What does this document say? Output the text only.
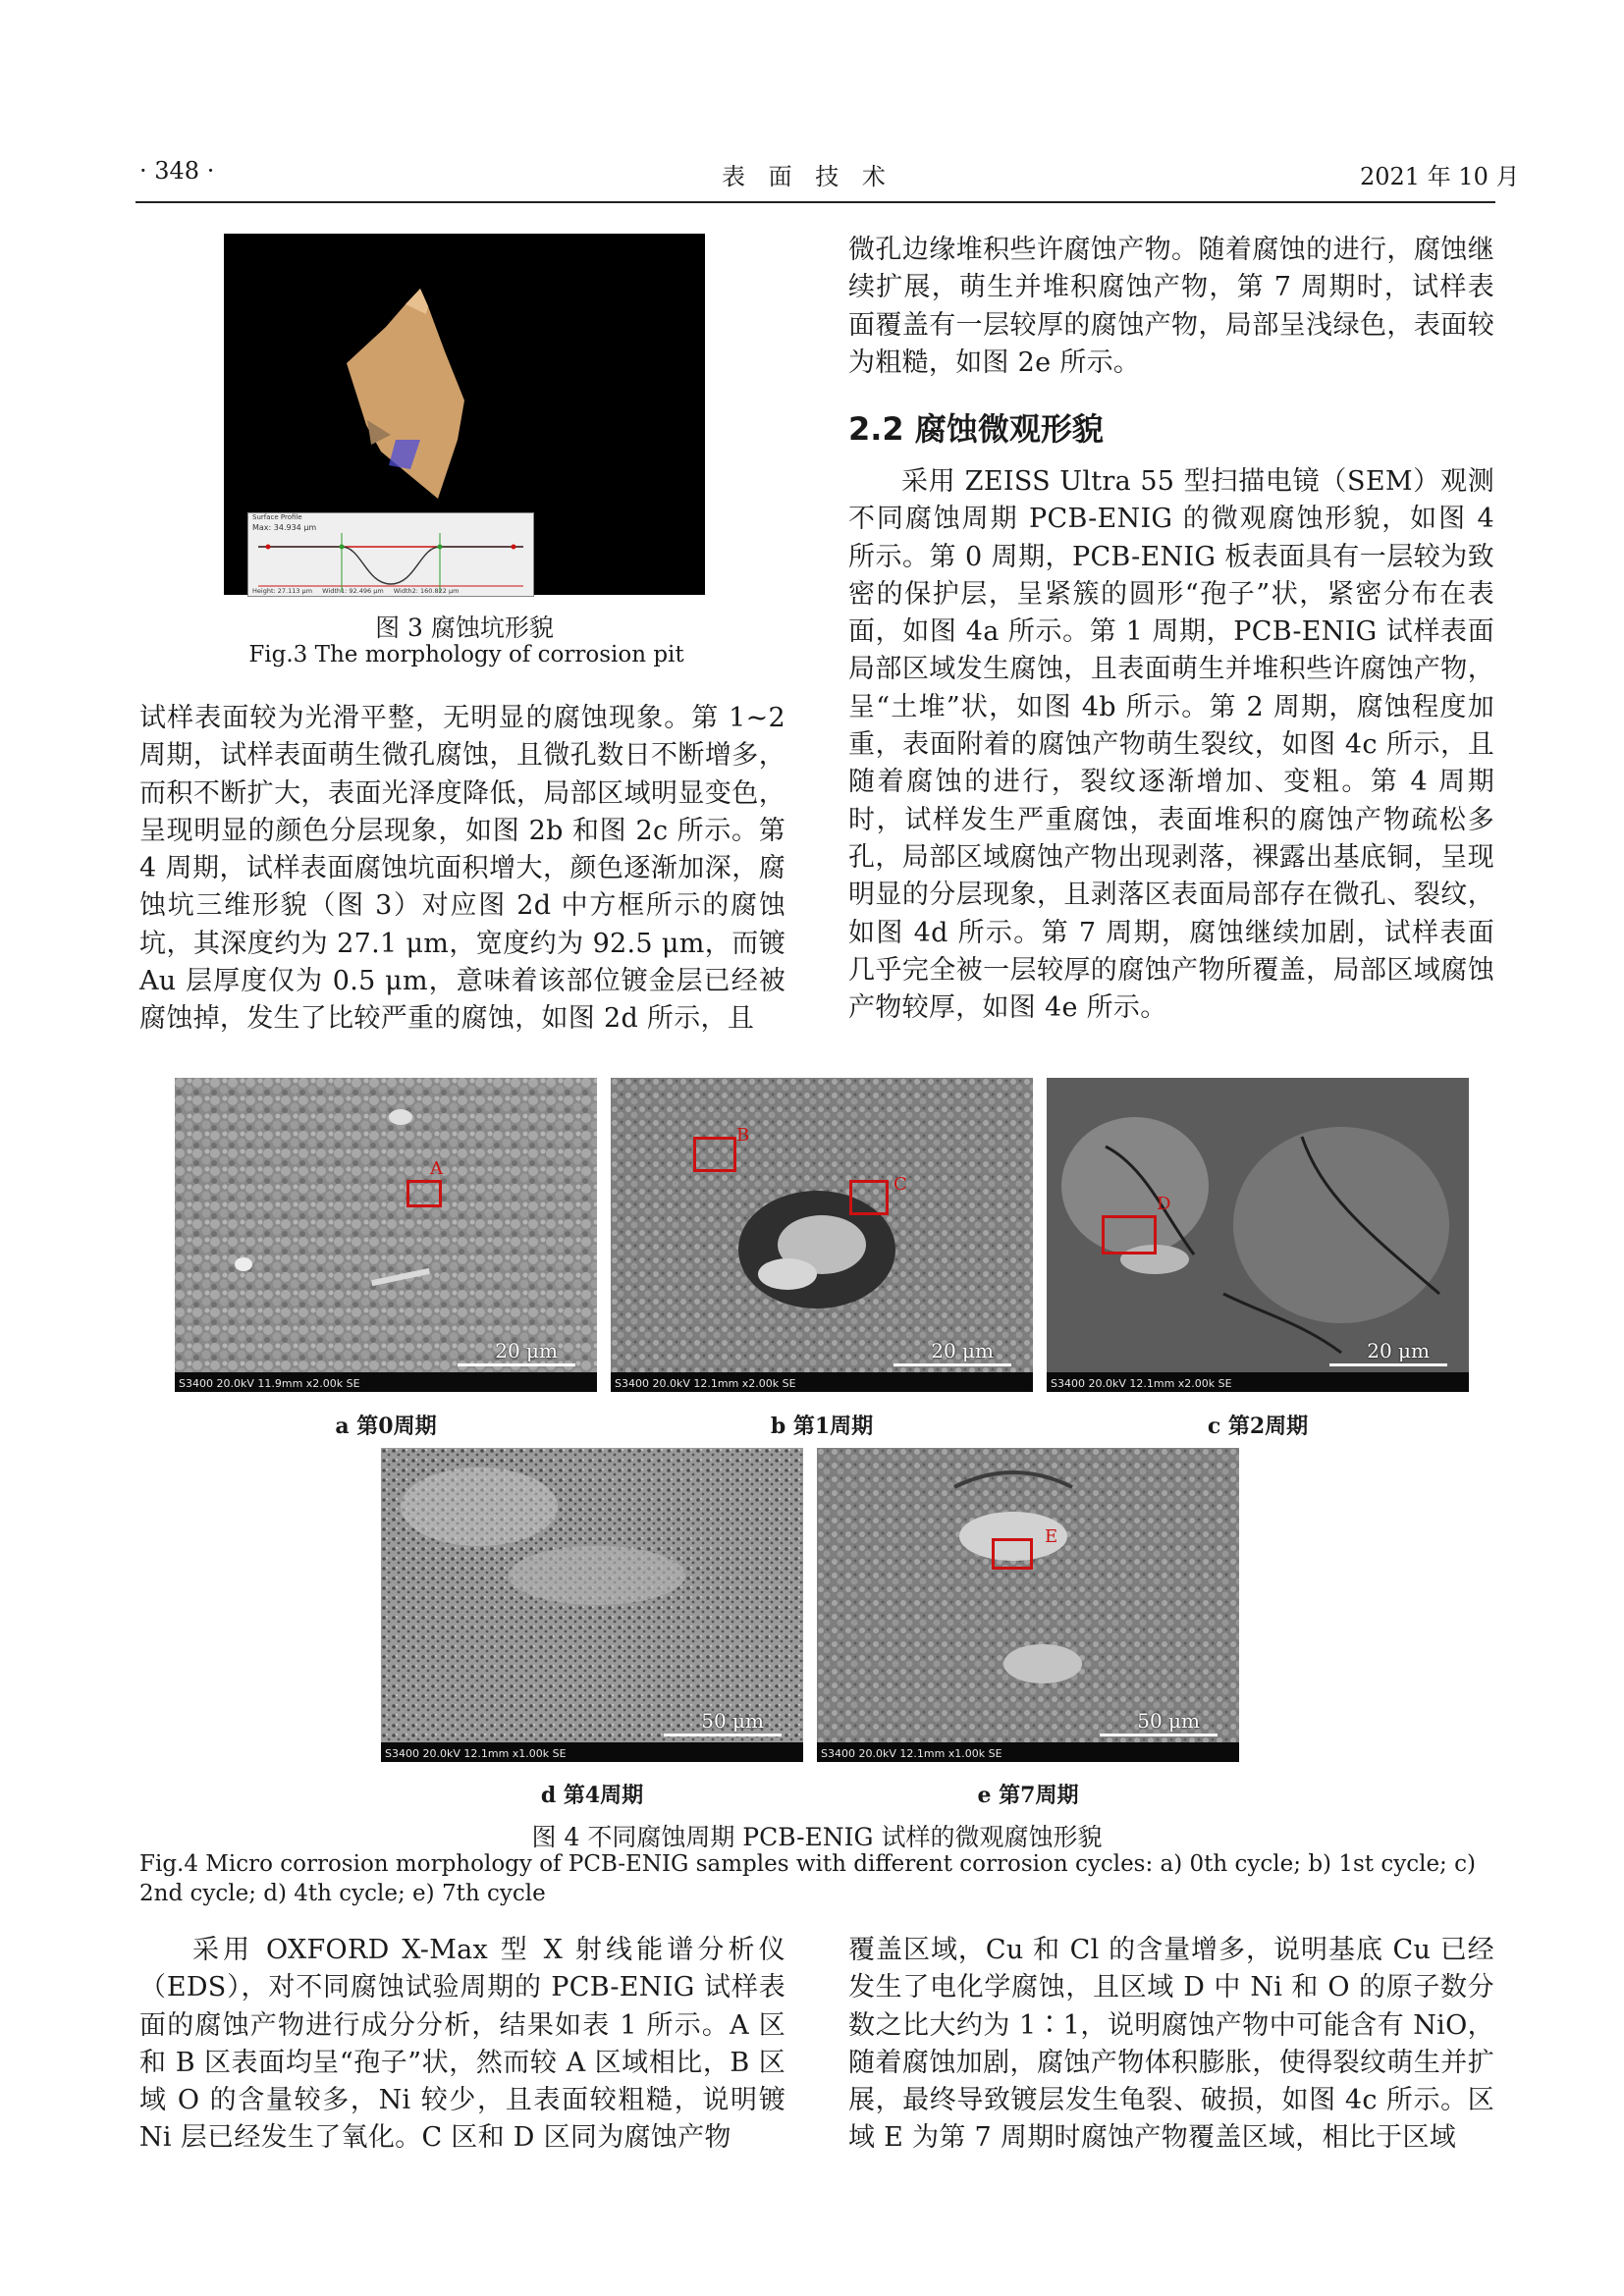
· 348 ·	表 面 技 术	2021 年 10 月
Surface Profile
Max: 34.934 μm
Height: 27.113 μm Width1: 92.496 μm Width2: 160.822 μm
图 3 腐蚀坑形貌
Fig.3 The morphology of corrosion pit

试样表面较为光滑平整，无明显的腐蚀现象。第 1~2 周期，试样表面萌生微孔腐蚀，且微孔数日不断增多，而积不断扩大，表面光泽度降低，局部区域明显变色，呈现明显的颜色分层现象，如图 2b 和图 2c 所示。第 4 周期，试样表面腐蚀坑面积增大，颜色逐渐加深，腐蚀坑三维形貌（图 3）对应图 2d 中方框所示的腐蚀坑，其深度约为 27.1 μm，宽度约为 92.5 μm，而镀 Au 层厚度仅为 0.5 μm，意味着该部位镀金层已经被腐蚀掉，发生了比较严重的腐蚀，如图 2d 所示，且

微孔边缘堆积些许腐蚀产物。随着腐蚀的进行，腐蚀继续扩展，萌生并堆积腐蚀产物，第 7 周期时，试样表面覆盖有一层较厚的腐蚀产物，局部呈浅绿色，表面较为粗糙，如图 2e 所示。

2.2 腐蚀微观形貌

采用 ZEISS Ultra 55 型扫描电镜（SEM）观测不同腐蚀周期 PCB-ENIG 的微观腐蚀形貌，如图 4 所示。第 0 周期，PCB-ENIG 板表面具有一层较为致密的保护层，呈紧簇的圆形“孢子”状，紧密分布在表面，如图 4a 所示。第 1 周期，PCB-ENIG 试样表面局部区域发生腐蚀，且表面萌生并堆积些许腐蚀产物，呈“土堆”状，如图 4b 所示。第 2 周期，腐蚀程度加重，表面附着的腐蚀产物萌生裂纹，如图 4c 所示，且随着腐蚀的进行，裂纹逐渐增加、变粗。第 4 周期时，试样发生严重腐蚀，表面堆积的腐蚀产物疏松多孔，局部区域腐蚀产物出现剥落，裸露出基底铜，呈现明显的分层现象，且剥落区表面局部存在微孔、裂纹，如图 4d 所示。第 7 周期，腐蚀继续加剧，试样表面几乎完全被一层较厚的腐蚀产物所覆盖，局部区域腐蚀产物较厚，如图 4e 所示。

A
20 μm
S3400 20.0kV 11.9mm x2.00k SE
B
C
20 μm
S3400 20.0kV 12.1mm x2.00k SE
D
20 μm
S3400 20.0kV 12.1mm x2.00k SE
a 第0周期	b 第1周期	c 第2周期
50 μm
S3400 20.0kV 12.1mm x1.00k SE
E
50 μm
S3400 20.0kV 12.1mm x1.00k SE
d 第4周期	e 第7周期
图 4 不同腐蚀周期 PCB-ENIG 试样的微观腐蚀形貌
Fig.4 Micro corrosion morphology of PCB-ENIG samples with different corrosion cycles: a) 0th cycle; b) 1st cycle; c) 2nd cycle; d) 4th cycle; e) 7th cycle

采用 OXFORD X-Max 型 X 射线能谱分析仪（EDS），对不同腐蚀试验周期的 PCB-ENIG 试样表面的腐蚀产物进行成分分析，结果如表 1 所示。A 区和 B 区表面均呈“孢子”状，然而较 A 区域相比，B 区域 O 的含量较多，Ni 较少，且表面较粗糙，说明镀 Ni 层已经发生了氧化。C 区和 D 区同为腐蚀产物

覆盖区域，Cu 和 Cl 的含量增多，说明基底 Cu 已经发生了电化学腐蚀，且区域 D 中 Ni 和 O 的原子数分数之比大约为 1∶1，说明腐蚀产物中可能含有 NiO，随着腐蚀加剧，腐蚀产物体积膨胀，使得裂纹萌生并扩展，最终导致镀层发生龟裂、破损，如图 4c 所示。区域 E 为第 7 周期时腐蚀产物覆盖区域，相比于区域
